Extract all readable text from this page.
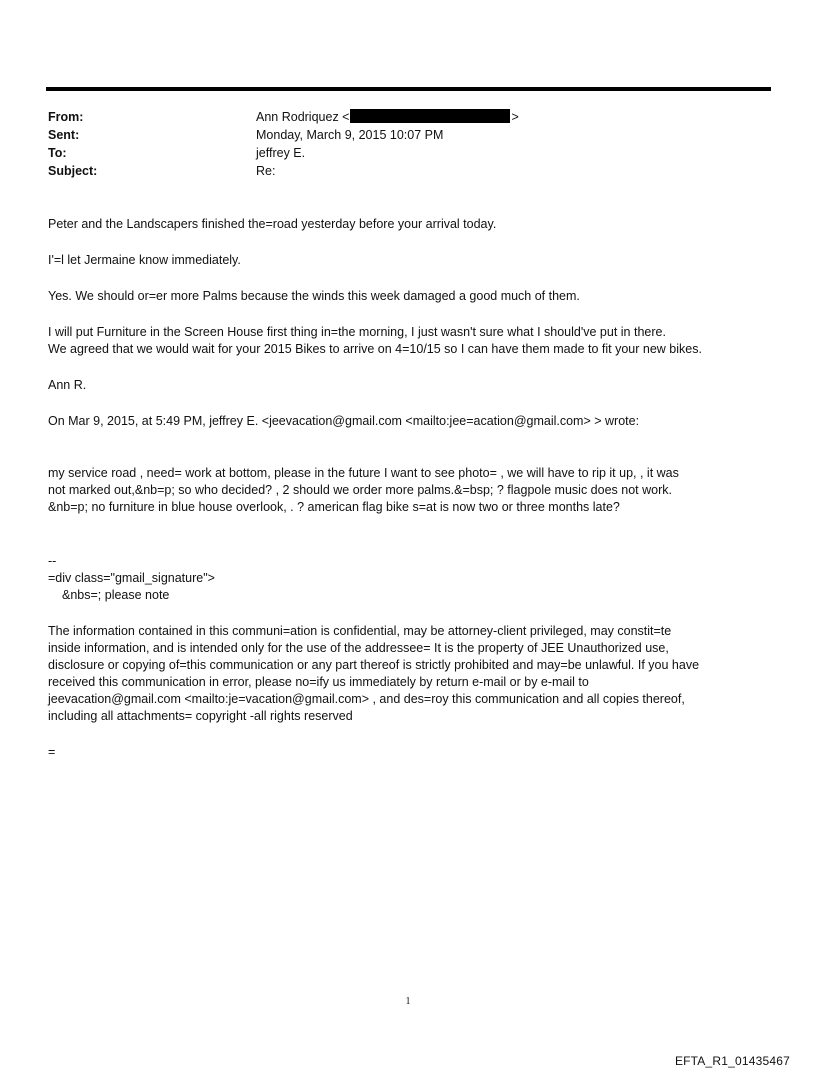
From:	Ann Rodriquez <	>
Sent:	Monday, March 9, 2015 10:07 PM
To:	jeffrey E.
Subject:	Re:

Peter and the Landscapers finished the=road yesterday before your arrival today.

I'=l let Jermaine know immediately.

Yes. We should or=er more Palms because the winds this week damaged a good much of them.

I will put Furniture in the Screen House first thing in=the morning, I just wasn't sure what I should've put in there.

We agreed that we would wait for your 2015 Bikes to arrive on 4=10/15 so I can have them made to fit your new bikes.

Ann R.

On Mar 9, 2015, at 5:49 PM, jeffrey E. <jeevacation@gmail.com <mailto:jee=acation@gmail.com> > wrote:

my service road , need= work at bottom, please in the future I want to see photo= , we will have to rip it up, , it was

not marked out,&nb=p; so who decided? , 2 should we order more palms.&=bsp; ? flagpole music does not work.

&nb=p; no furniture in blue house overlook, . ? american flag bike s=at is now two or three months late?

--

=div class="gmail_signature">

&nbs=; please note

The information contained in this communi=ation is confidential, may be attorney-client privileged, may constit=te

inside information, and is intended only for the use of the addressee= It is the property of JEE Unauthorized use,

disclosure or copying of=this communication or any part thereof is strictly prohibited and may=be unlawful. If you have

received this communication in error, please no=ify us immediately by return e-mail or by e-mail to

jeevacation@gmail.com <mailto:je=vacation@gmail.com> , and des=roy this communication and all copies thereof,

including all attachments= copyright -all rights reserved

=

1
EFTA_R1_01435467
